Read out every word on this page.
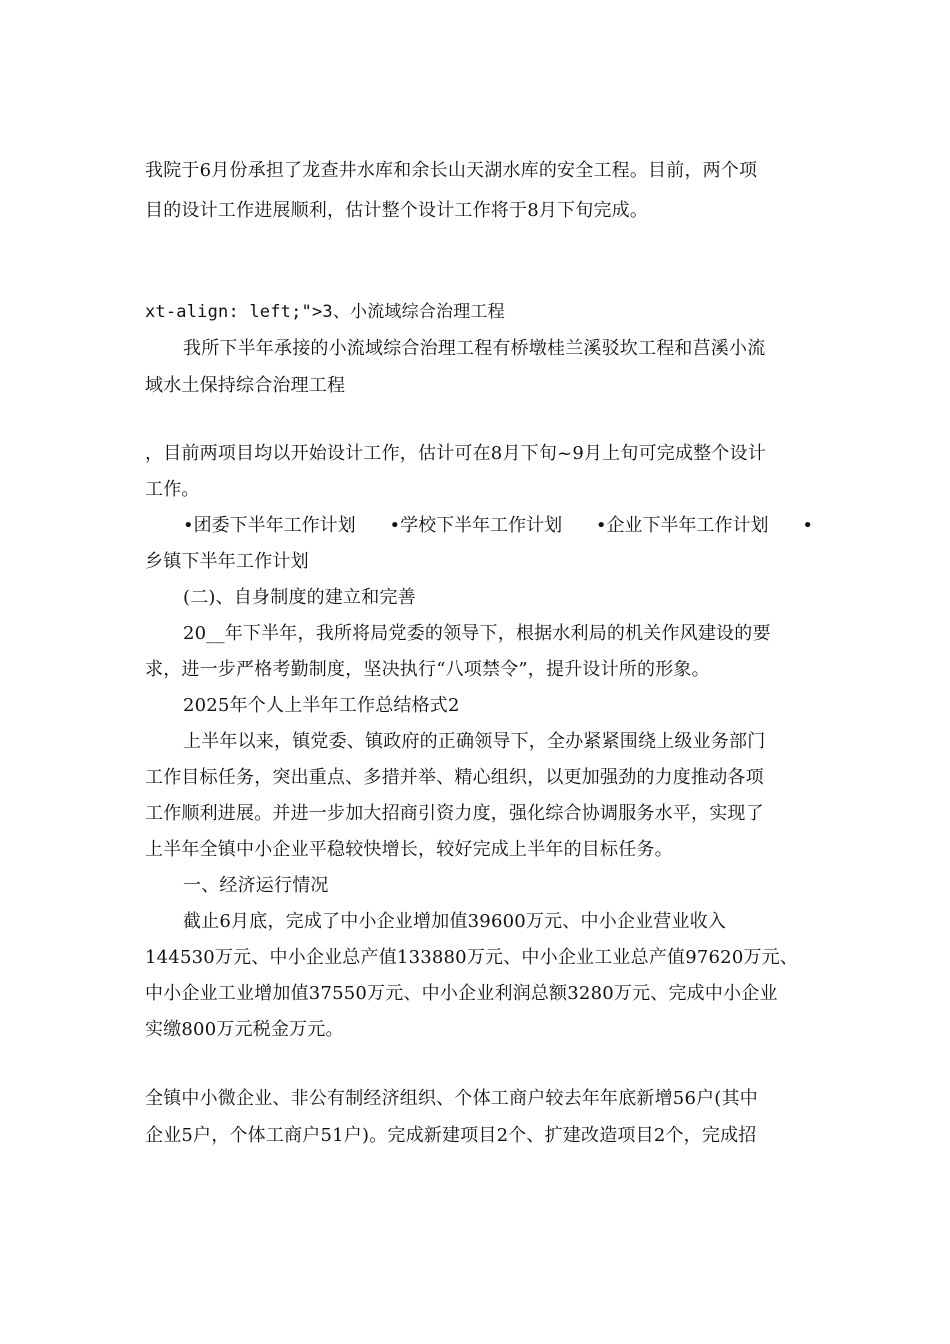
我院于6月份承担了龙查井水库和余长山天湖水库的安全工程。目前，两个项
目的设计工作进展顺利，估计整个设计工作将于8月下旬完成。
xt-align: left;">3、小流域综合治理工程
我所下半年承接的小流域综合治理工程有桥墩桂兰溪驳坎工程和莒溪小流
域水土保持综合治理工程
，目前两项目均以开始设计工作，估计可在8月下旬~9月上旬可完成整个设计
工作。
•团委下半年工作计划 •学校下半年工作计划 •企业下半年工作计划 •
乡镇下半年工作计划
(二)、自身制度的建立和完善
20__年下半年，我所将局党委的领导下，根据水利局的机关作风建设的要
求，进一步严格考勤制度，坚决执行“八项禁令”，提升设计所的形象。
2025年个人上半年工作总结格式2
上半年以来，镇党委、镇政府的正确领导下，全办紧紧围绕上级业务部门
工作目标任务，突出重点、多措并举、精心组织，以更加强劲的力度推动各项
工作顺利进展。并进一步加大招商引资力度，强化综合协调服务水平，实现了
上半年全镇中小企业平稳较快增长，较好完成上半年的目标任务。
一、经济运行情况
截止6月底，完成了中小企业增加值39600万元、中小企业营业收入
144530万元、中小企业总产值133880万元、中小企业工业总产值97620万元、
中小企业工业增加值37550万元、中小企业利润总额3280万元、完成中小企业
实缴800万元税金万元。
全镇中小微企业、非公有制经济组织、个体工商户较去年年底新增56户(其中
企业5户，个体工商户51户)。完成新建项目2个、扩建改造项目2个，完成招
